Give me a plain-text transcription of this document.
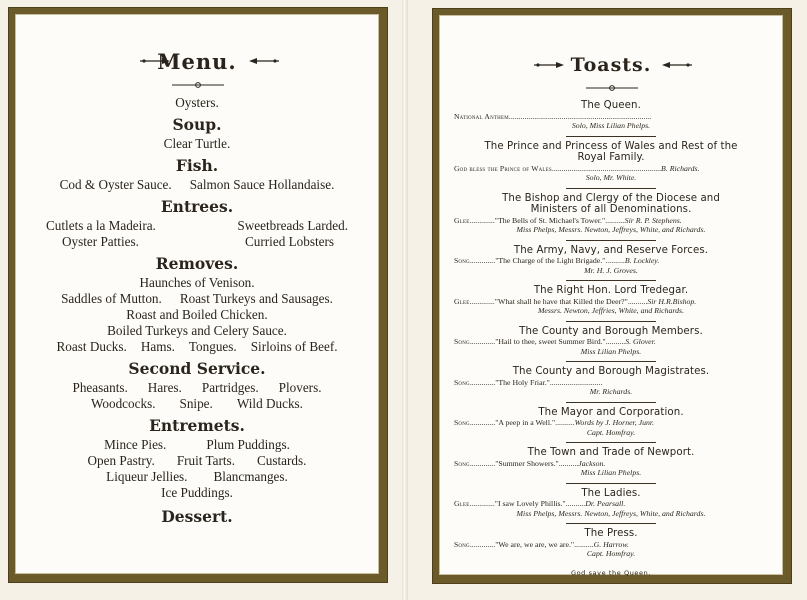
Menu.
Oysters.
Soup.
Clear Turtle.
Fish.
Cod & Oyster Sauce. Salmon Sauce Hollandaise.
Entrees.
Cutlets a la Madeira.	Sweetbreads Larded.
Oyster Patties.	Curried Lobsters
Removes.
Haunches of Venison.
Saddles of Mutton. Roast Turkeys and Sausages.
Roast and Boiled Chicken.
Boiled Turkeys and Celery Sauce.
Roast Ducks. Hams. Tongues. Sirloins of Beef.
Second Service.
Pheasants. Hares. Partridges. Plovers.
Woodcocks. Snipe. Wild Ducks.
Entremets.
Mince Pies.	Plum Puddings.
Open Pastry. Fruit Tarts. Custards.
Liqueur Jellies. Blancmanges.
Ice Puddings.
Dessert.
Toasts.
The Queen.
National Anthem.........................................................................
Solo, Miss Lilian Phelps.
The Prince and Princess of Wales and Rest of the Royal Family.
God bless the Prince of Wales........................................................B. Richards.
Solo, Mr. White.
The Bishop and Clergy of the Diocese and Ministers of all Denominations.
Glee............."The Bells of St. Michael's Tower."..........Sir R. P. Stephens.
Miss Phelps, Messrs. Newton, Jeffreys, White, and Richards.
The Army, Navy, and Reserve Forces.
Song............."The Charge of the Light Brigade."..........B. Lockley.
Mr. H. J. Groves.
The Right Hon. Lord Tredegar.
Glee............."What shall he have that Killed the Deer?"..........Sir H.R.Bishop.
Messrs. Newton, Jeffries, White, and Richards.
The County and Borough Members.
Song............."Hail to thee, sweet Summer Bird."..........S. Glover.
Miss Lilian Phelps.
The County and Borough Magistrates.
Song............."The Holy Friar."...........................
Mr. Richards.
The Mayor and Corporation.
Song............."A peep in a Well."..........Words by J. Horner, Junr.
Capt. Homfray.
The Town and Trade of Newport.
Song............."Summer Showers."..........Jackson.
Miss Lilian Phelps.
The Ladies.
Glee............."I saw Lovely Phillis."..........Dr. Pearsall.
Miss Phelps, Messrs. Newton, Jeffreys, White, and Richards.
The Press.
Song............."We are, we are, we are."..........G. Harrow.
Capt. Homfray.
God save the Queen.
